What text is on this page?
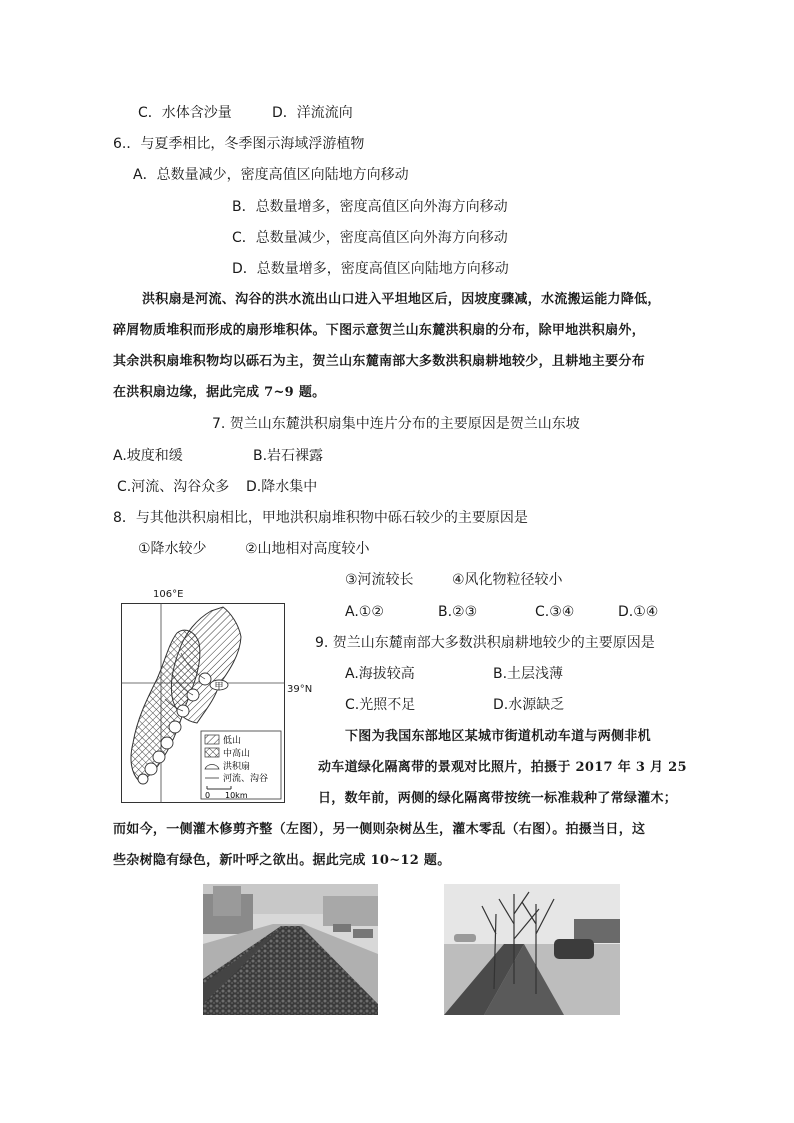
C．水体含沙量	D．洋流流向
6.．与夏季相比，冬季图示海域浮游植物
A．总数量减少，密度高值区向陆地方向移动
B．总数量增多，密度高值区向外海方向移动
C．总数量减少，密度高值区向外海方向移动
D．总数量增多，密度高值区向陆地方向移动
洪积扇是河流、沟谷的洪水流出山口进入平坦地区后，因坡度骤减，水流搬运能力降低，
碎屑物质堆积而形成的扇形堆积体。下图示意贺兰山东麓洪积扇的分布，除甲地洪积扇外，
其余洪积扇堆积物均以砾石为主，贺兰山东麓南部大多数洪积扇耕地较少，且耕地主要分布
在洪积扇边缘，据此完成 7~9 题。
7. 贺兰山东麓洪积扇集中连片分布的主要原因是贺兰山东坡
A.坡度和缓	B.岩石裸露
C.河流、沟谷众多 D.降水集中
8．与其他洪积扇相比，甲地洪积扇堆积物中砾石较少的主要原因是
①降水较少	②山地相对高度较小
③河流较长	④风化物粒径较小
A.①②	B.②③	C.③④	D.①④
9. 贺兰山东麓南部大多数洪积扇耕地较少的主要原因是
A.海拔较高	B.土层浅薄
C.光照不足	D.水源缺乏
甲
低山
中高山
洪积扇
河流、沟谷
0 10km
106°E
39°N
下图为我国东部地区某城市街道机动车道与两侧非机
动车道绿化隔离带的景观对比照片，拍摄于 2017 年 3 月 25
日，数年前，两侧的绿化隔离带按统一标准栽种了常绿灌木；
而如今，一侧灌木修剪齐整（左图），另一侧则杂树丛生，灌木零乱（右图）。拍摄当日，这
些杂树隐有绿色，新叶呼之欲出。据此完成 10~12 题。
